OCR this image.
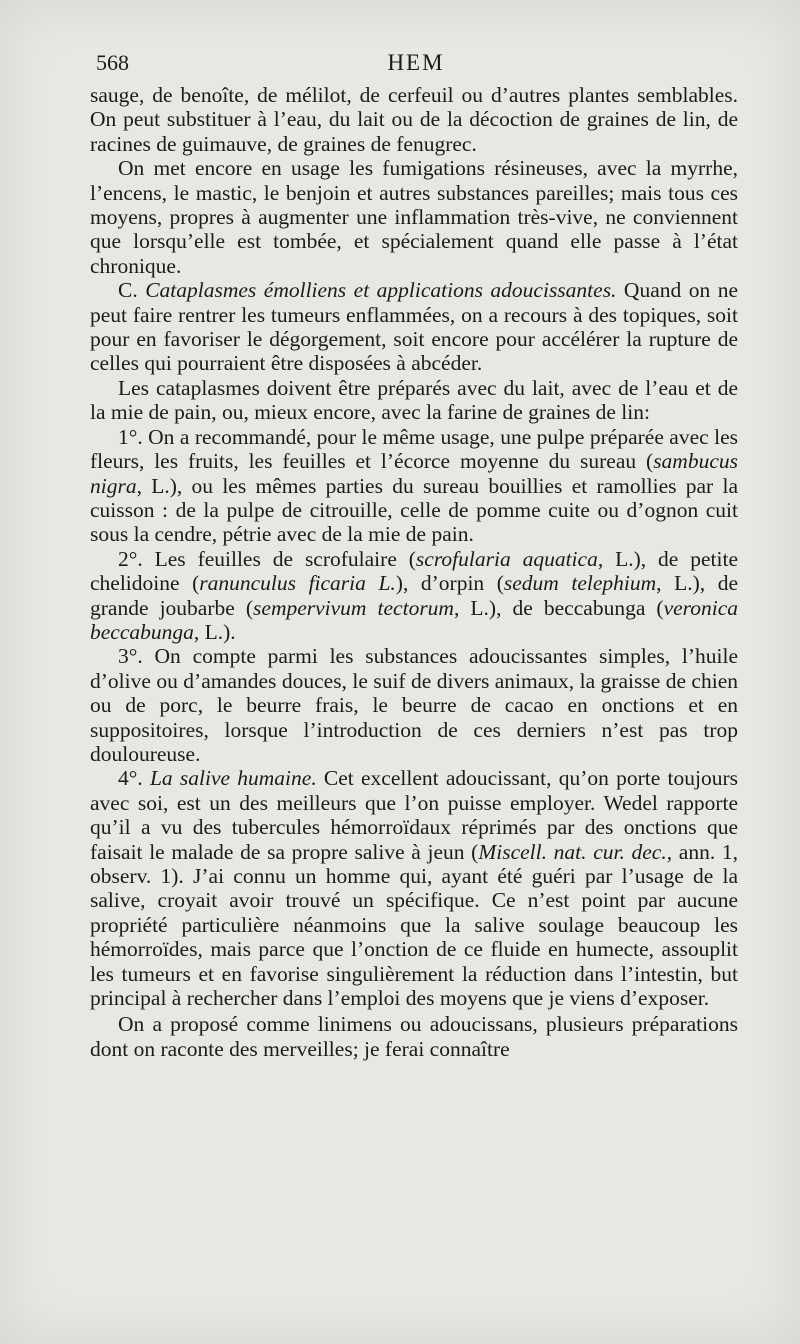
568	HEM

sauge, de benoîte, de mélilot, de cerfeuil ou d’autres plantes semblables. On peut substituer à l’eau, du lait ou de la décoction de graines de lin, de racines de guimauve, de graines de fenugrec.

On met encore en usage les fumigations résineuses, avec la myrrhe, l’encens, le mastic, le benjoin et autres substances pareilles; mais tous ces moyens, propres à augmenter une inflammation très-vive, ne conviennent que lorsqu’elle est tombée, et spécialement quand elle passe à l’état chronique.

C. Cataplasmes émolliens et applications adoucissantes. Quand on ne peut faire rentrer les tumeurs enflammées, on a recours à des topiques, soit pour en favoriser le dégorgement, soit encore pour accélérer la rupture de celles qui pourraient être disposées à abcéder.

Les cataplasmes doivent être préparés avec du lait, avec de l’eau et de la mie de pain, ou, mieux encore, avec la farine de graines de lin:

1°. On a recommandé, pour le même usage, une pulpe préparée avec les fleurs, les fruits, les feuilles et l’écorce moyenne du sureau (sambucus nigra, L.), ou les mêmes parties du sureau bouillies et ramollies par la cuisson : de la pulpe de citrouille, celle de pomme cuite ou d’ognon cuit sous la cendre, pétrie avec de la mie de pain.

2°. Les feuilles de scrofulaire (scrofularia aquatica, L.), de petite chelidoine (ranunculus ficaria L.), d’orpin (sedum telephium, L.), de grande joubarbe (sempervivum tectorum, L.), de beccabunga (veronica beccabunga, L.).

3°. On compte parmi les substances adoucissantes simples, l’huile d’olive ou d’amandes douces, le suif de divers animaux, la graisse de chien ou de porc, le beurre frais, le beurre de cacao en onctions et en suppositoires, lorsque l’introduction de ces derniers n’est pas trop douloureuse.

4°. La salive humaine. Cet excellent adoucissant, qu’on porte toujours avec soi, est un des meilleurs que l’on puisse employer. Wedel rapporte qu’il a vu des tubercules hémorroïdaux réprimés par des onctions que faisait le malade de sa propre salive à jeun (Miscell. nat. cur. dec., ann. 1, observ. 1). J’ai connu un homme qui, ayant été guéri par l’usage de la salive, croyait avoir trouvé un spécifique. Ce n’est point par aucune propriété particulière néanmoins que la salive soulage beaucoup les hémorroïdes, mais parce que l’onction de ce fluide en humecte, assouplit les tumeurs et en favorise singulièrement la réduction dans l’intestin, but principal à rechercher dans l’emploi des moyens que je viens d’exposer.

On a proposé comme linimens ou adoucissans, plusieurs préparations dont on raconte des merveilles; je ferai connaître
